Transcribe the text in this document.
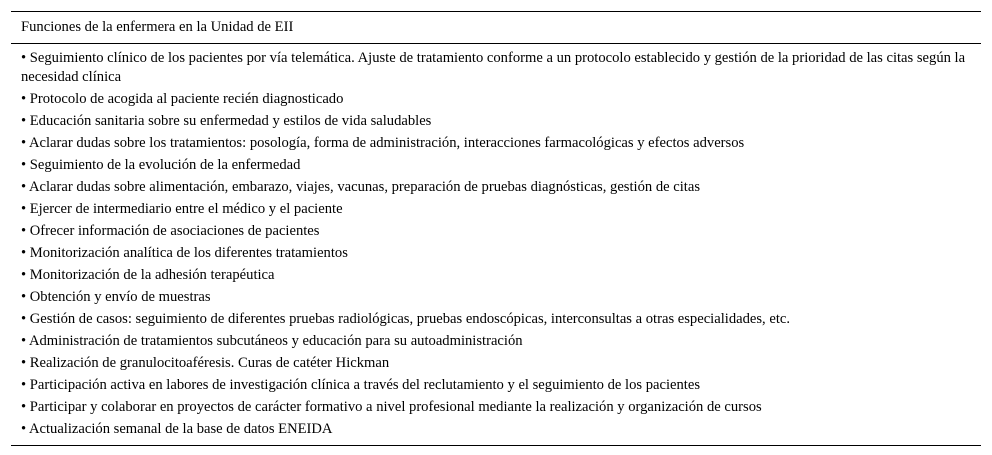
Funciones de la enfermera en la Unidad de EII
• Seguimiento clínico de los pacientes por vía telemática. Ajuste de tratamiento conforme a un protocolo establecido y gestión de la prioridad de las citas según la necesidad clínica
• Protocolo de acogida al paciente recién diagnosticado
• Educación sanitaria sobre su enfermedad y estilos de vida saludables
• Aclarar dudas sobre los tratamientos: posología, forma de administración, interacciones farmacológicas y efectos adversos
• Seguimiento de la evolución de la enfermedad
• Aclarar dudas sobre alimentación, embarazo, viajes, vacunas, preparación de pruebas diagnósticas, gestión de citas
• Ejercer de intermediario entre el médico y el paciente
• Ofrecer información de asociaciones de pacientes
• Monitorización analítica de los diferentes tratamientos
• Monitorización de la adhesión terapéutica
• Obtención y envío de muestras
• Gestión de casos: seguimiento de diferentes pruebas radiológicas, pruebas endoscópicas, interconsultas a otras especialidades, etc.
• Administración de tratamientos subcutáneos y educación para su autoadministración
• Realización de granulocitoaféresis. Curas de catéter Hickman
• Participación activa en labores de investigación clínica a través del reclutamiento y el seguimiento de los pacientes
• Participar y colaborar en proyectos de carácter formativo a nivel profesional mediante la realización y organización de cursos
• Actualización semanal de la base de datos ENEIDA
